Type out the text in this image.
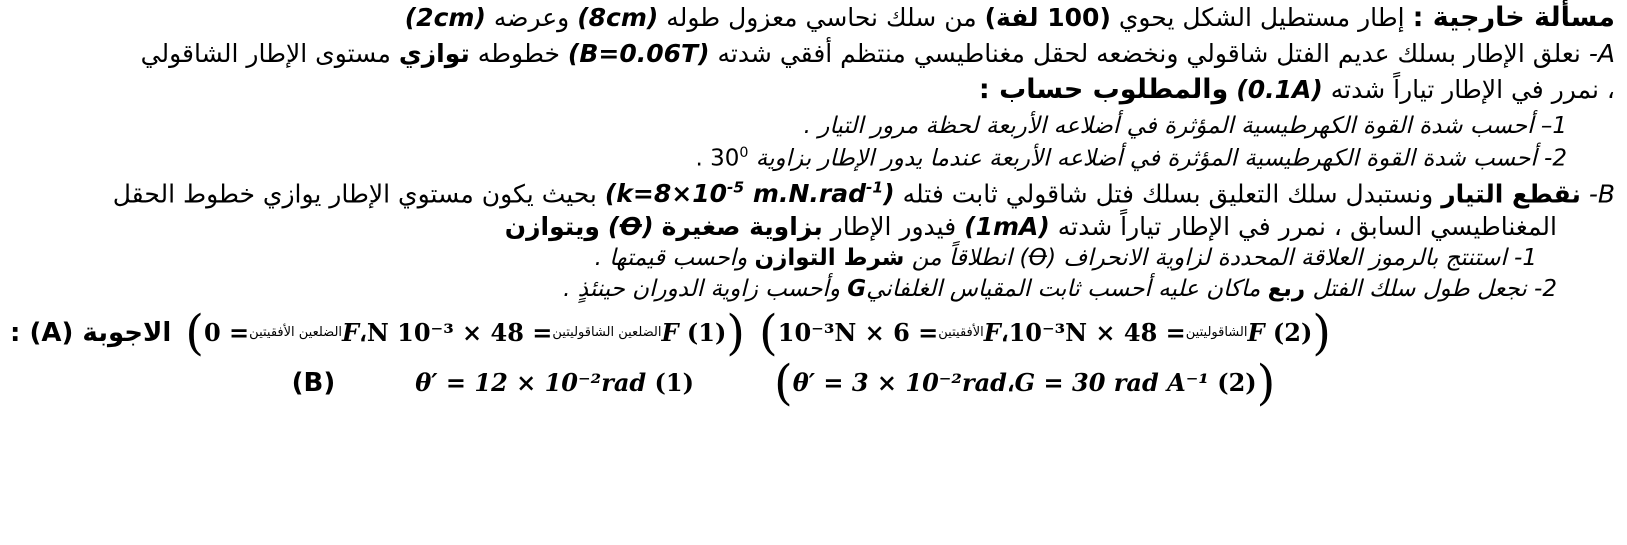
مسألة خارجية : إطار مستطيل الشكل يحوي (100 لفة) من سلك نحاسي معزول طوله (8cm) وعرضه (2cm)
A- نعلق الإطار بسلك عديم الفتل شاقولي ونخضعه لحقل مغناطيسي منتظم أفقي شدته (B=0.06T) خطوطه توازي مستوى الإطار الشاقولي
، نمرر في الإطار تياراً شدته (0.1A) والمطلوب حساب :
1– أحسب شدة القوة الكهرطيسية المؤثرة في أضلاعه الأربعة لحظة مرور التيار .
2- أحسب شدة القوة الكهرطيسية المؤثرة في أضلاعه الأربعة عندما يدور الإطار بزاوية $30^0$ .
B- نقطع التيار ونستبدل سلك التعليق بسلك فتل شاقولي ثابت فتله ($k=8\times 10^{-5}$ m.N.rad$^{-1}$) بحيث يكون مستوي الإطار يوازي خطوط الحقل
المغناطيسي السابق ، نمرر في الإطار تياراً شدته (1mA) فيدور الإطار بزاوية صغيرة (Ꝋ) ويتوازن
1- استنتج بالرموز العلاقة المحددة لزاوية الانحراف (Ꝋ) انطلاقاً من شرط التوازن واحسب قيمتها .
2- نجعل طول سلك الفتل ربع ماكان عليه أحسب ثابت المقياس الغلفانيG وأحسب زاوية الدوران حينئذٍ .
(
(2)

F
الشاقوليتين
= 48 × 10⁻³N
،
F
الأفقيتين
= 6 × 10⁻³N
)
(
(1)

F
الضلعين الشاقوليتين
= 48 × 10⁻³ N
،
F
الضلعين الأفقيتين
= 0
)
الاجوبة (A) :
(
(2)

G = 30 rad A⁻¹
،
θ′ = 3 × 10⁻²rad
)
(1)

θ′ = 12 × 10⁻²rad
(B)
